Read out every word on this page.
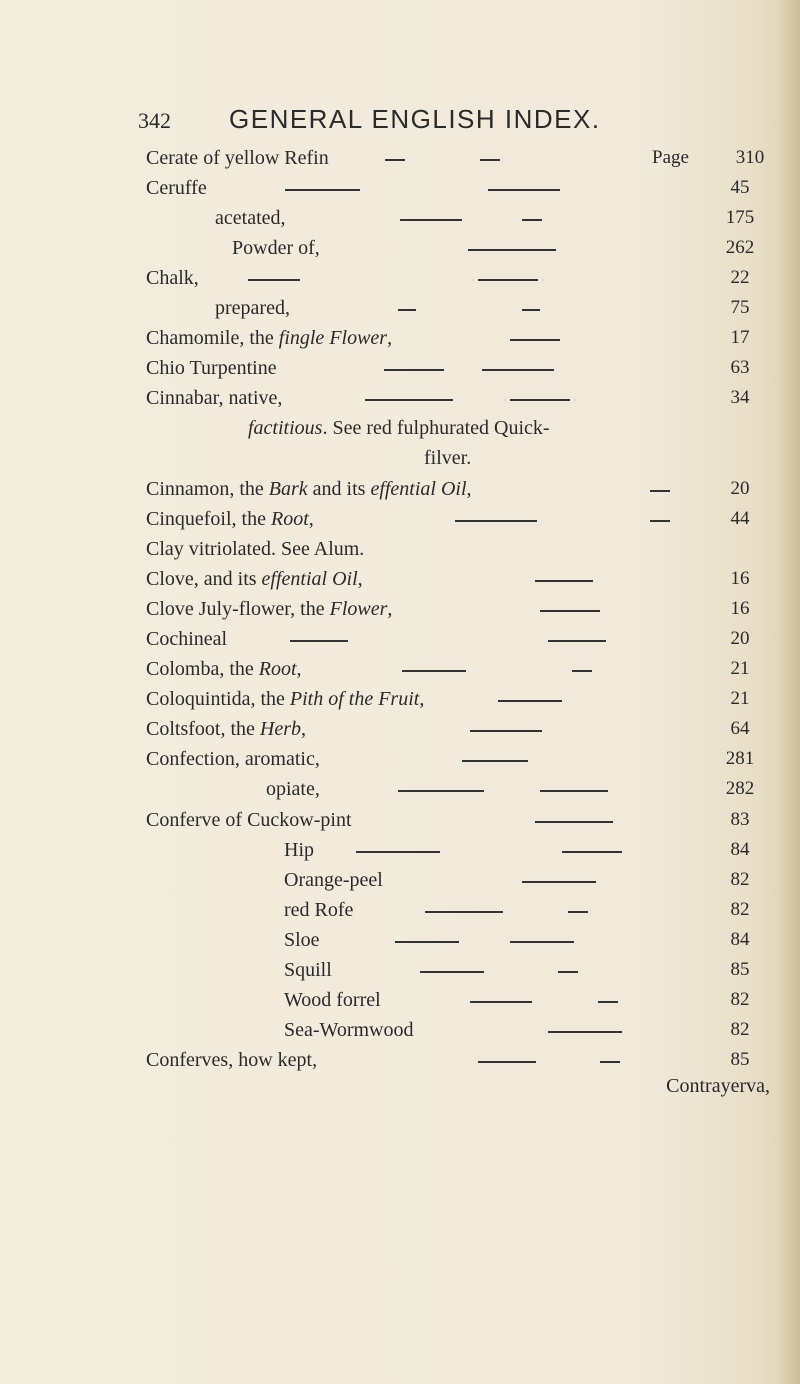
342 GENERAL ENGLISH INDEX.
Cerate of yellow Refin	Page	310
Ceruffe	45
acetated,	175
Powder of,	262
Chalk,	22
prepared,	75
Chamomile, the fingle Flower,	17
Chio Turpentine	63
Cinnabar, native,	34
factitious. See red fulphurated Quick-
filver.
Cinnamon, the Bark and its effential Oil,	20
Cinquefoil, the Root,	44
Clay vitriolated. See Alum.
Clove, and its effential Oil,	16
Clove July-flower, the Flower,	16
Cochineal	20
Colomba, the Root,	21
Coloquintida, the Pith of the Fruit,	21
Coltsfoot, the Herb,	64
Confection, aromatic,	281
opiate,	282
Conferve of Cuckow-pint	83
Hip	84
Orange-peel	82
red Rofe	82
Sloe	84
Squill	85
Wood forrel	82
Sea-Wormwood	82
Conferves, how kept,	85
Contrayerva,
